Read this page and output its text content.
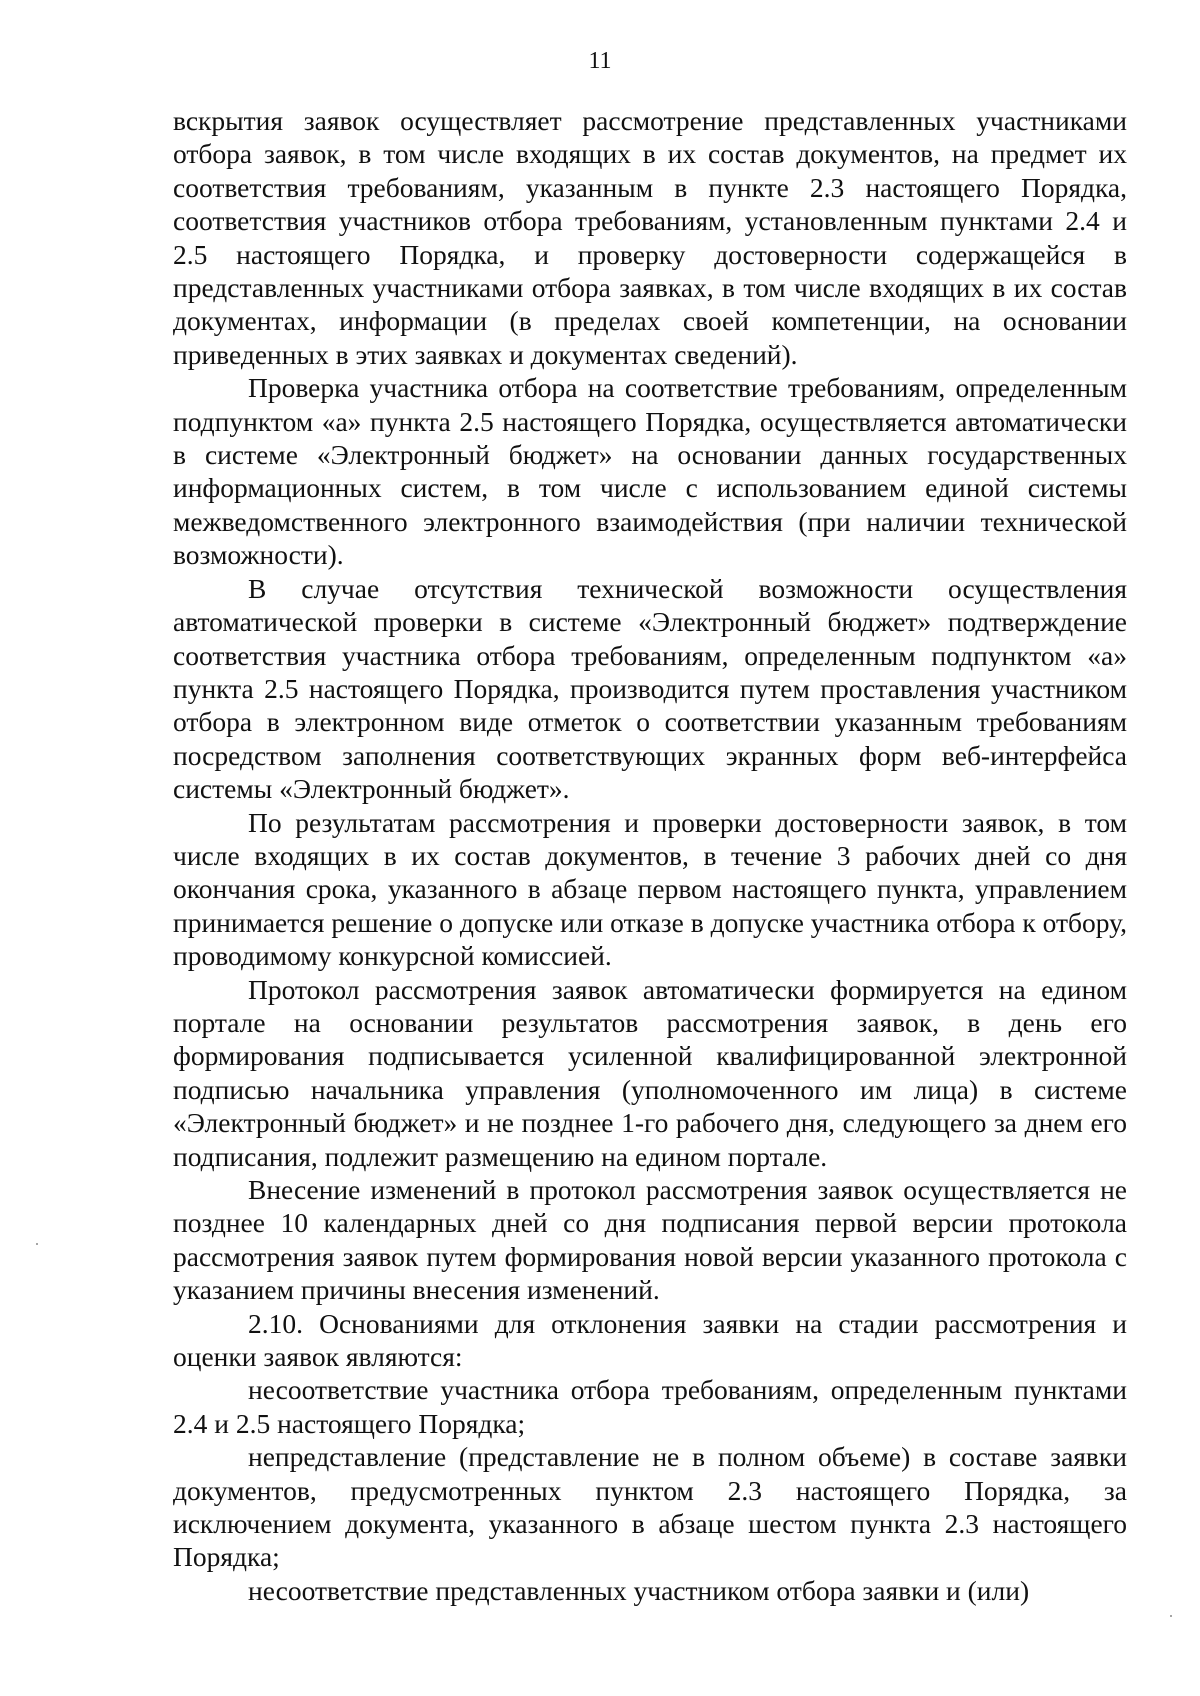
11

вскрытия заявок осуществляет рассмотрение представленных участниками отбора заявок, в том числе входящих в их состав документов, на предмет их соответствия требованиям, указанным в пункте 2.3 настоящего Порядка, соответствия участников отбора требованиям, установленным пунктами 2.4 и 2.5 настоящего Порядка, и проверку достоверности содержащейся в представленных участниками отбора заявках, в том числе входящих в их состав документах, информации (в пределах своей компетенции, на основании приведенных в этих заявках и документах сведений).

Проверка участника отбора на соответствие требованиям, определенным подпунктом «а» пункта 2.5 настоящего Порядка, осуществляется автоматически в системе «Электронный бюджет» на основании данных государственных информационных систем, в том числе с использованием единой системы межведомственного электронного взаимодействия (при наличии технической возможности).

В случае отсутствия технической возможности осуществления автоматической проверки в системе «Электронный бюджет» подтверждение соответствия участника отбора требованиям, определенным подпунктом «а» пункта 2.5 настоящего Порядка, производится путем проставления участником отбора в электронном виде отметок о соответствии указанным требованиям посредством заполнения соответствующих экранных форм веб-интерфейса системы «Электронный бюджет».

По результатам рассмотрения и проверки достоверности заявок, в том числе входящих в их состав документов, в течение 3 рабочих дней со дня окончания срока, указанного в абзаце первом настоящего пункта, управлением принимается решение о допуске или отказе в допуске участника отбора к отбору, проводимому конкурсной комиссией.

Протокол рассмотрения заявок автоматически формируется на едином портале на основании результатов рассмотрения заявок, в день его формирования подписывается усиленной квалифицированной электронной подписью начальника управления (уполномоченного им лица) в системе «Электронный бюджет» и не позднее 1-го рабочего дня, следующего за днем его подписания, подлежит размещению на едином портале.

Внесение изменений в протокол рассмотрения заявок осуществляется не позднее 10 календарных дней со дня подписания первой версии протокола рассмотрения заявок путем формирования новой версии указанного протокола с указанием причины внесения изменений.

2.10. Основаниями для отклонения заявки на стадии рассмотрения и оценки заявок являются:

несоответствие участника отбора требованиям, определенным пунктами 2.4 и 2.5 настоящего Порядка;

непредставление (представление не в полном объеме) в составе заявки документов, предусмотренных пунктом 2.3 настоящего Порядка, за исключением документа, указанного в абзаце шестом пункта 2.3 настоящего Порядка;

несоответствие представленных участником отбора заявки и (или)
